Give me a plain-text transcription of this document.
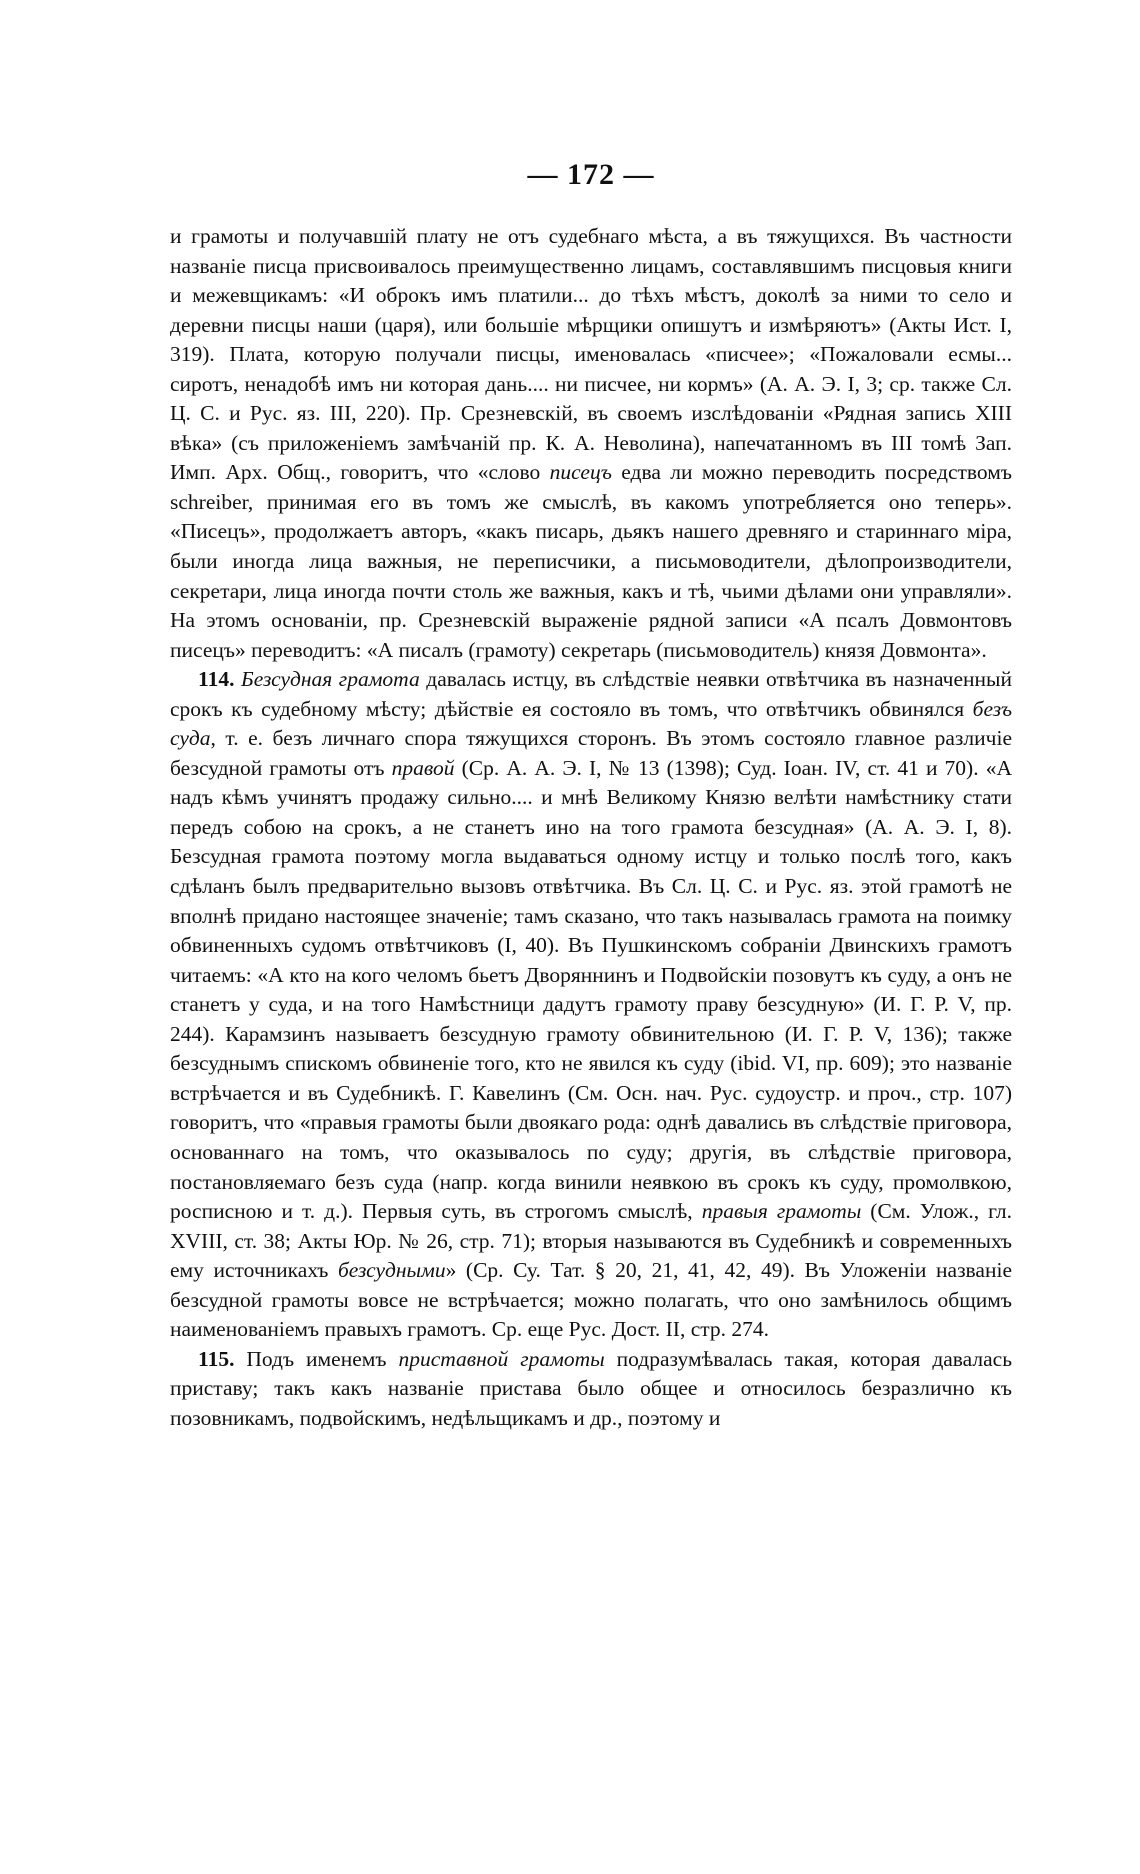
— 172 —

и грамоты и получавшій плату не отъ судебнаго мѣста, а въ тяжущихся. Въ частности названіе писца присвоивалось преимущественно лицамъ, составлявшимъ писцовыя книги и межевщикамъ: «И оброкъ имъ платили... до тѣхъ мѣстъ, доколѣ за ними то село и деревни писцы наши (царя), или большіе мѣрщики опишутъ и измѣряютъ» (Акты Ист. I, 319). Плата, которую получали писцы, именовалась «писчее»; «Пожаловали есмы... сиротъ, ненадобѣ имъ ни которая дань.... ни писчее, ни кормъ» (А. А. Э. I, 3; ср. также Сл. Ц. С. и Рус. яз. III, 220). Пр. Срезневскій, въ своемъ изслѣдованіи «Рядная запись XIII вѣка» (съ приложеніемъ замѣчаній пр. К. А. Неволина), напечатанномъ въ III томѣ Зап. Имп. Арх. Общ., говоритъ, что «слово писецъ едва ли можно переводить посредствомъ schreiber, принимая его въ томъ же смыслѣ, въ какомъ употребляется оно теперь». «Писецъ», продолжаетъ авторъ, «какъ писарь, дьякъ нашего древняго и стариннаго міра, были иногда лица важныя, не переписчики, а письмоводители, дѣлопроизводители, секретари, лица иногда почти столь же важныя, какъ и тѣ, чьими дѣлами они управляли». На этомъ основаніи, пр. Срезневскій выраженіе рядной записи «А псалъ Довмонтовъ писецъ» переводитъ: «А писалъ (грамоту) секретарь (письмоводитель) князя Довмонта».

114. Безсудная грамота давалась истцу, въ слѣдствіе неявки отвѣтчика въ назначенный срокъ къ судебному мѣсту; дѣйствіе ея состояло въ томъ, что отвѣтчикъ обвинялся безъ суда, т. е. безъ личнаго спора тяжущихся сторонъ. Въ этомъ состояло главное различіе безсудной грамоты отъ правой (Ср. А. А. Э. I, № 13 (1398); Суд. Іоан. IV, ст. 41 и 70). «А надъ кѣмъ учинятъ продажу сильно.... и мнѣ Великому Князю велѣти намѣстнику стати передъ собою на срокъ, а не станетъ ино на того грамота безсудная» (А. А. Э. I, 8). Безсудная грамота поэтому могла выдаваться одному истцу и только послѣ того, какъ сдѣланъ былъ предварительно вызовъ отвѣтчика. Въ Сл. Ц. С. и Рус. яз. этой грамотѣ не вполнѣ придано настоящее значеніе; тамъ сказано, что такъ называлась грамота на поимку обвиненныхъ судомъ отвѣтчиковъ (I, 40). Въ Пушкинскомъ собраніи Двинскихъ грамотъ читаемъ: «А кто на кого челомъ бьетъ Дворяннинъ и Подвойскіи позовутъ къ суду, а онъ не станетъ у суда, и на того Намѣстници дадутъ грамоту праву безсудную» (И. Г. Р. V, пр. 244). Карамзинъ называетъ безсудную грамоту обвинительною (И. Г. Р. V, 136); также безсуднымъ спискомъ обвиненіе того, кто не явился къ суду (ibid. VI, пр. 609); это названіе встрѣчается и въ Судебникѣ. Г. Кавелинъ (См. Осн. нач. Рус. судоустр. и проч., стр. 107) говоритъ, что «правыя грамоты были двоякаго рода: однѣ давались въ слѣдствіе приговора, основаннаго на томъ, что оказывалось по суду; другія, въ слѣдствіе приговора, постановляемаго безъ суда (напр. когда винили неявкою въ срокъ къ суду, промолвкою, росписною и т. д.). Первыя суть, въ строгомъ смыслѣ, правыя грамоты (См. Улож., гл. XVIII, ст. 38; Акты Юр. № 26, стр. 71); вторыя называются въ Судебникѣ и современныхъ ему источникахъ безсудными» (Ср. Су. Тат. § 20, 21, 41, 42, 49). Въ Уложеніи названіе безсудной грамоты вовсе не встрѣчается; можно полагать, что оно замѣнилось общимъ наименованіемъ правыхъ грамотъ. Ср. еще Рус. Дост. II, стр. 274.

115. Подъ именемъ приставной грамоты подразумѣвалась такая, которая давалась приставу; такъ какъ названіе пристава было общее и относилось безразлично къ позовникамъ, подвойскимъ, недѣльщикамъ и др., поэтому и
